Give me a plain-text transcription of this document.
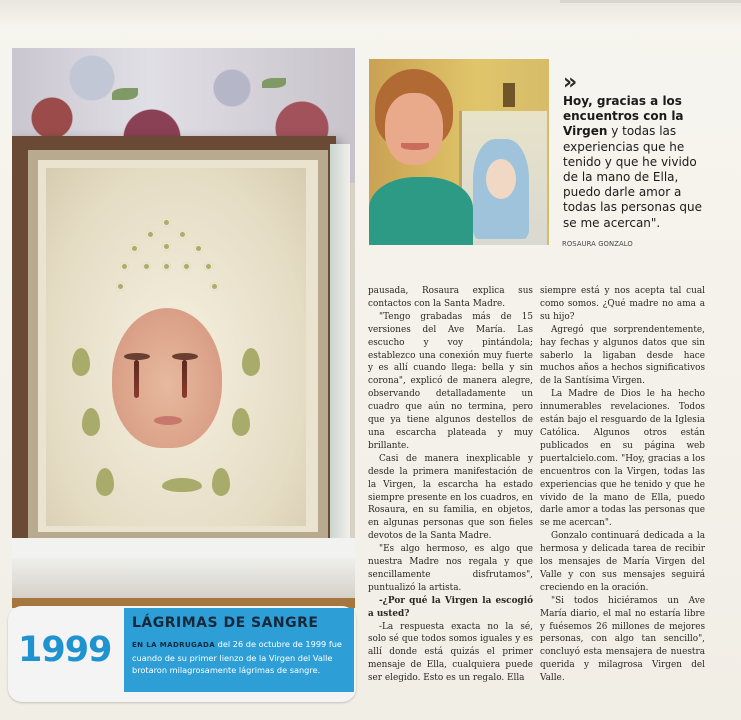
1999
LÁGRIMAS DE SANGRE
EN LA MADRUGADA del 26 de octubre de 1999 fue cuando de su primer lienzo de la Virgen del Valle brotaron milagrosamente lágrimas de sangre.
»
Hoy, gracias a los encuentros con la Virgen y todas las experiencias que he tenido y que he vivido de la mano de Ella, puedo darle amor a todas las personas que se me acercan".
ROSAURA GONZALO

pausada, Rosaura explica sus contactos con la Santa Madre.

"Tengo grabadas más de 15 versiones del Ave María. Las escucho y voy pintándola; establezco una conexión muy fuerte y es allí cuando llega: bella y sin corona", explicó de manera alegre, observando detalladamente un cuadro que aún no termina, pero que ya tiene algunos destellos de una escarcha plateada y muy brillante.

Casi de manera inexplicable y desde la primera manifestación de la Virgen, la escarcha ha estado siempre presente en los cuadros, en Rosaura, en su familia, en objetos, en algunas personas que son fieles devotos de la Santa Madre.

"Es algo hermoso, es algo que nuestra Madre nos regala y que sencillamente disfrutamos", puntualizó la artista.

-¿Por qué la Virgen la escogió a usted?

-La respuesta exacta no la sé, solo sé que todos somos iguales y es allí donde está quizás el primer mensaje de Ella, cualquiera puede ser elegido. Esto es un regalo. Ella

siempre está y nos acepta tal cual como somos. ¿Qué madre no ama a su hijo?

Agregó que sorprendentemente, hay fechas y algunos datos que sin saberlo la ligaban desde hace muchos años a hechos significativos de la Santísima Virgen.

La Madre de Dios le ha hecho innumerables revelaciones. Todos están bajo el resguardo de la Iglesia Católica. Algunos otros están publicados en su página web puertalcielo.com. "Hoy, gracias a los encuentros con la Virgen, todas las experiencias que he tenido y que he vivido de la mano de Ella, puedo darle amor a todas las personas que se me acercan".

Gonzalo continuará dedicada a la hermosa y delicada tarea de recibir los mensajes de María Virgen del Valle y con sus mensajes seguirá creciendo en la oración.

"Si todos hiciéramos un Ave María diario, el mal no estaría libre y fuésemos 26 millones de mejores personas, con algo tan sencillo", concluyó esta mensajera de nuestra querida y milagrosa Virgen del Valle.
